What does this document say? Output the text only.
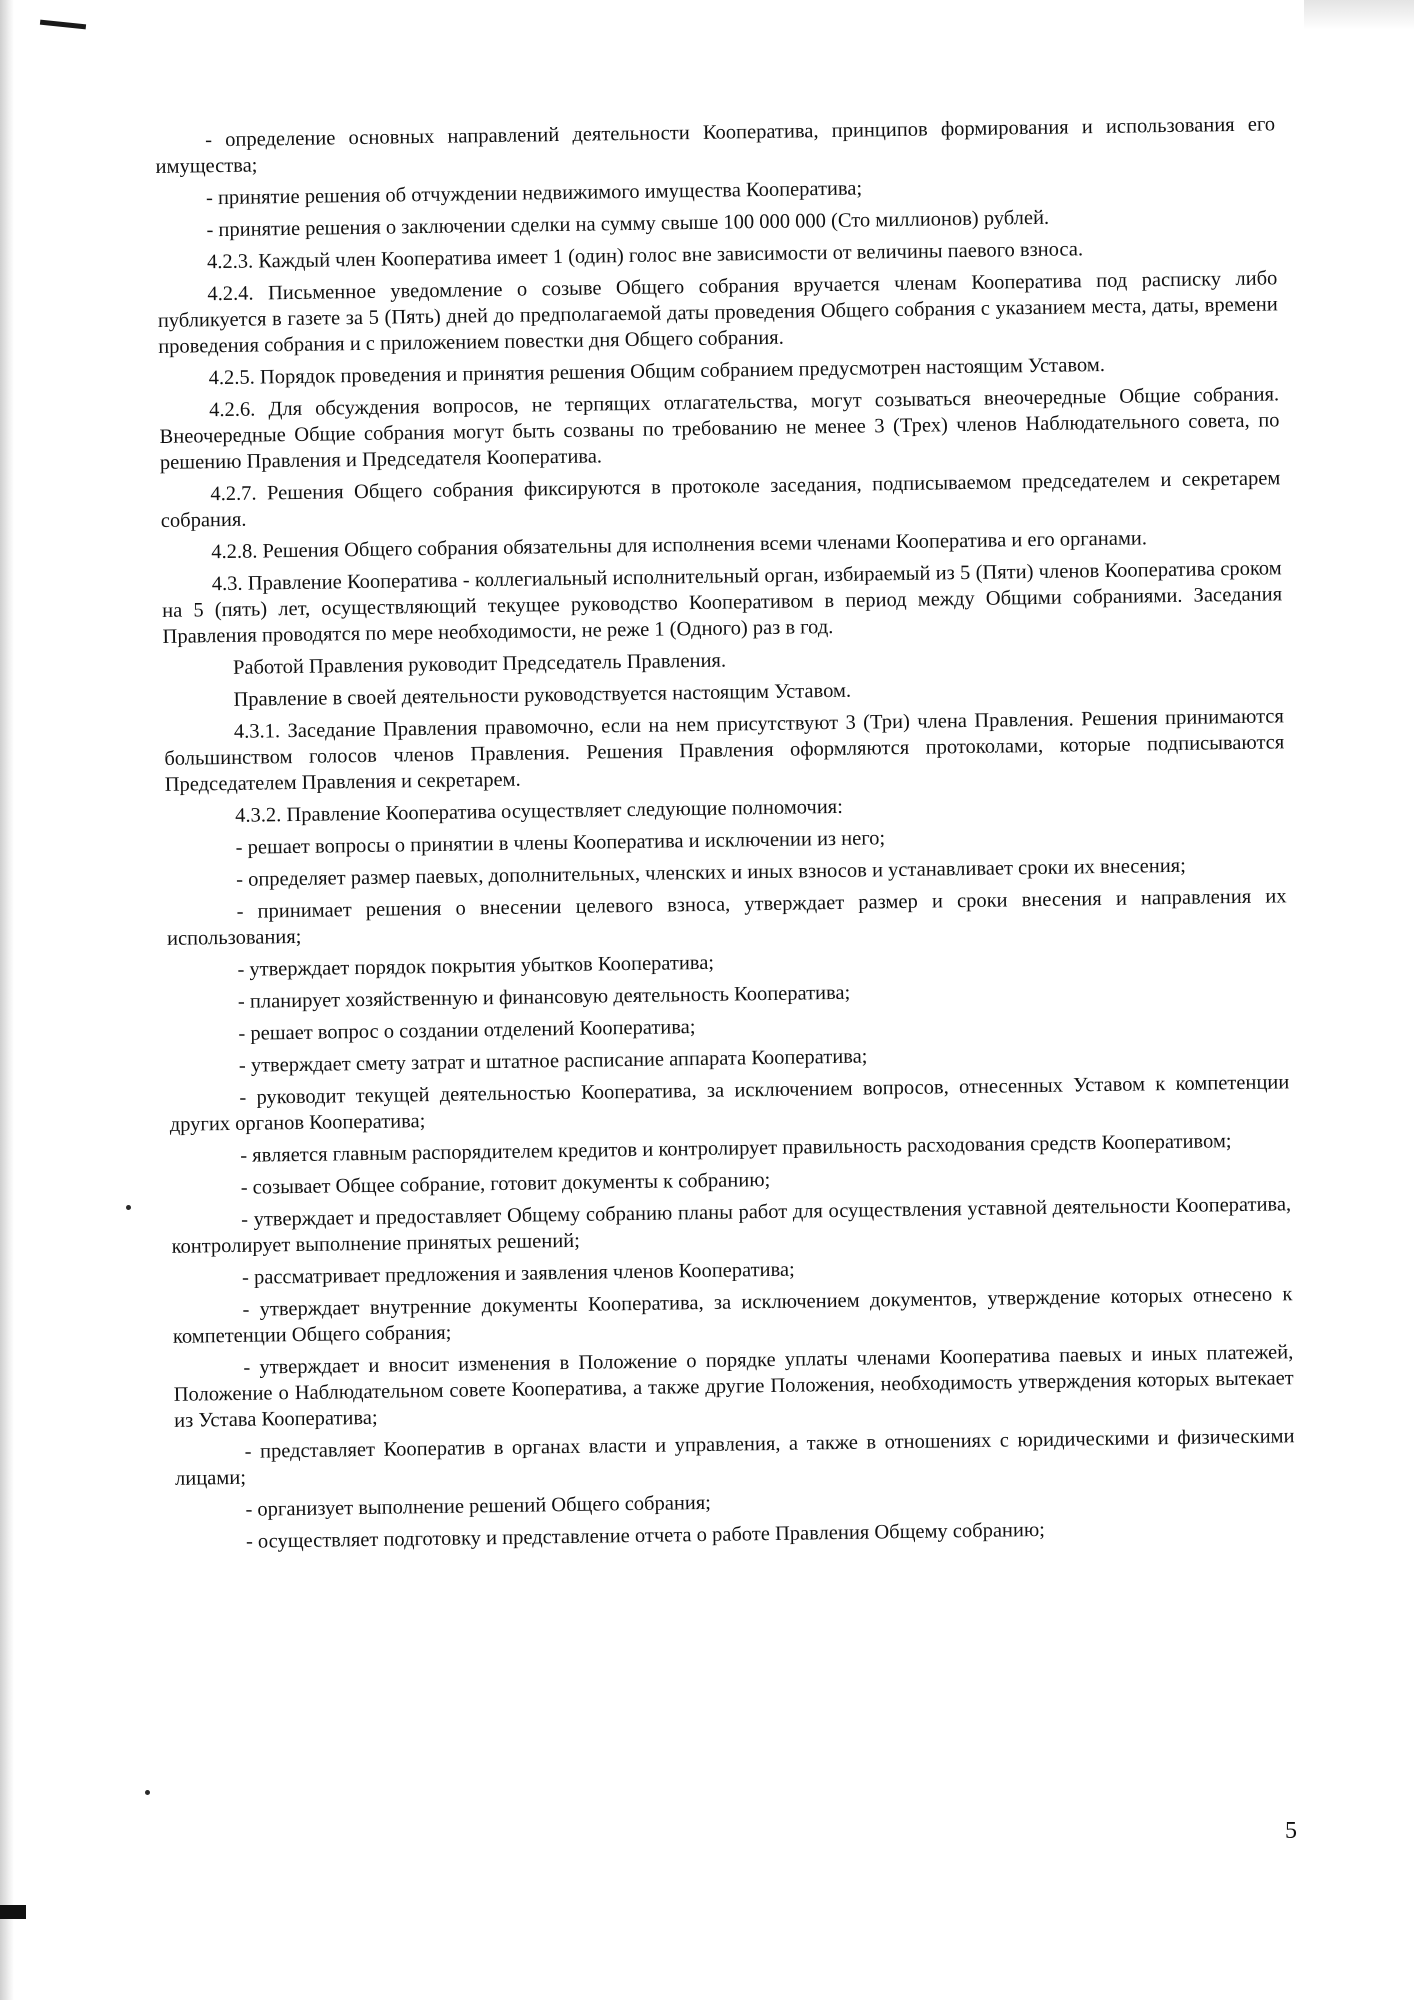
- определение основных направлений деятельности Кооператива, принципов формирования и использования его имущества;

- принятие решения об отчуждении недвижимого имущества Кооператива;

- принятие решения о заключении сделки на сумму свыше 100 000 000 (Сто миллионов) рублей.

4.2.3. Каждый член Кооператива имеет 1 (один) голос вне зависимости от величины паевого взноса.

4.2.4. Письменное уведомление о созыве Общего собрания вручается членам Кооператива под расписку либо публикуется в газете за 5 (Пять) дней до предполагаемой даты проведения Общего собрания с указанием места, даты, времени проведения собрания и с приложением повестки дня Общего собрания.

4.2.5. Порядок проведения и принятия решения Общим собранием предусмотрен настоящим Уставом.

4.2.6. Для обсуждения вопросов, не терпящих отлагательства, могут созываться внеочередные Общие собрания. Внеочередные Общие собрания могут быть созваны по требованию не менее 3 (Трех) членов Наблюдательного совета, по решению Правления и Председателя Кооператива.

4.2.7. Решения Общего собрания фиксируются в протоколе заседания, подписываемом председателем и секретарем собрания.

4.2.8. Решения Общего собрания обязательны для исполнения всеми членами Кооператива и его органами.

4.3. Правление Кооператива - коллегиальный исполнительный орган, избираемый из 5 (Пяти) членов Кооператива сроком на 5 (пять) лет, осуществляющий текущее руководство Кооперативом в период между Общими собраниями. Заседания Правления проводятся по мере необходимости, не реже 1 (Одного) раз в год.

Работой Правления руководит Председатель Правления.

Правление в своей деятельности руководствуется настоящим Уставом.

4.3.1. Заседание Правления правомочно, если на нем присутствуют 3 (Три) члена Правления. Решения принимаются большинством голосов членов Правления. Решения Правления оформляются протоколами, которые подписываются Председателем Правления и секретарем.

4.3.2. Правление Кооператива осуществляет следующие полномочия:

- решает вопросы о принятии в члены Кооператива и исключении из него;

- определяет размер паевых, дополнительных, членских и иных взносов и устанавливает сроки их внесения;

- принимает решения о внесении целевого взноса, утверждает размер и сроки внесения и направления их использования;

- утверждает порядок покрытия убытков Кооператива;

- планирует хозяйственную и финансовую деятельность Кооператива;

- решает вопрос о создании отделений Кооператива;

- утверждает смету затрат и штатное расписание аппарата Кооператива;

- руководит текущей деятельностью Кооператива, за исключением вопросов, отнесенных Уставом к компетенции других органов Кооператива;

- является главным распорядителем кредитов и контролирует правильность расходования средств Кооперативом;

- созывает Общее собрание, готовит документы к собранию;

- утверждает и предоставляет Общему собранию планы работ для осуществления уставной деятельности Кооператива, контролирует выполнение принятых решений;

- рассматривает предложения и заявления членов Кооператива;

- утверждает внутренние документы Кооператива, за исключением документов, утверждение которых отнесено к компетенции Общего собрания;

- утверждает и вносит изменения в Положение о порядке уплаты членами Кооператива паевых и иных платежей, Положение о Наблюдательном совете Кооператива, а также другие Положения, необходимость утверждения которых вытекает из Устава Кооператива;

- представляет Кооператив в органах власти и управления, а также в отношениях с юридическими и физическими лицами;

- организует выполнение решений Общего собрания;

- осуществляет подготовку и представление отчета о работе Правления Общему собранию;

5
